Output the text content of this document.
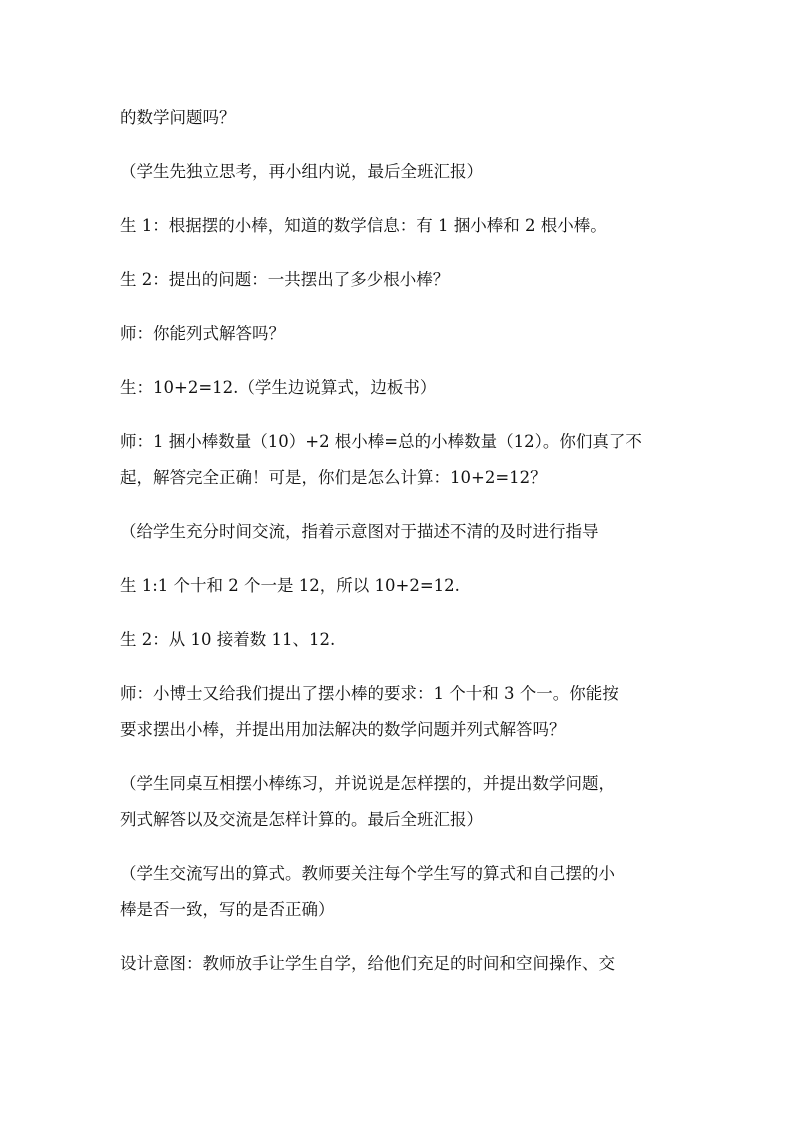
的数学问题吗？

（学生先独立思考，再小组内说，最后全班汇报）

生 1：根据摆的小棒，知道的数学信息：有 1 捆小棒和 2 根小棒。

生 2：提出的问题：一共摆出了多少根小棒？

师：你能列式解答吗？

生：10+2=12.（学生边说算式，边板书）

师：1 捆小棒数量（10）+2 根小棒=总的小棒数量（12）。你们真了不
起，解答完全正确！可是，你们是怎么计算：10+2=12？

（给学生充分时间交流，指着示意图对于描述不清的及时进行指导

生 1:1 个十和 2 个一是 12，所以 10+2=12.

生 2：从 10 接着数 11、12.

师：小博士又给我们提出了摆小棒的要求：1 个十和 3 个一。你能按
要求摆出小棒，并提出用加法解决的数学问题并列式解答吗？

（学生同桌互相摆小棒练习，并说说是怎样摆的，并提出数学问题，
列式解答以及交流是怎样计算的。最后全班汇报）

（学生交流写出的算式。教师要关注每个学生写的算式和自己摆的小
棒是否一致，写的是否正确）

设计意图：教师放手让学生自学，给他们充足的时间和空间操作、交
